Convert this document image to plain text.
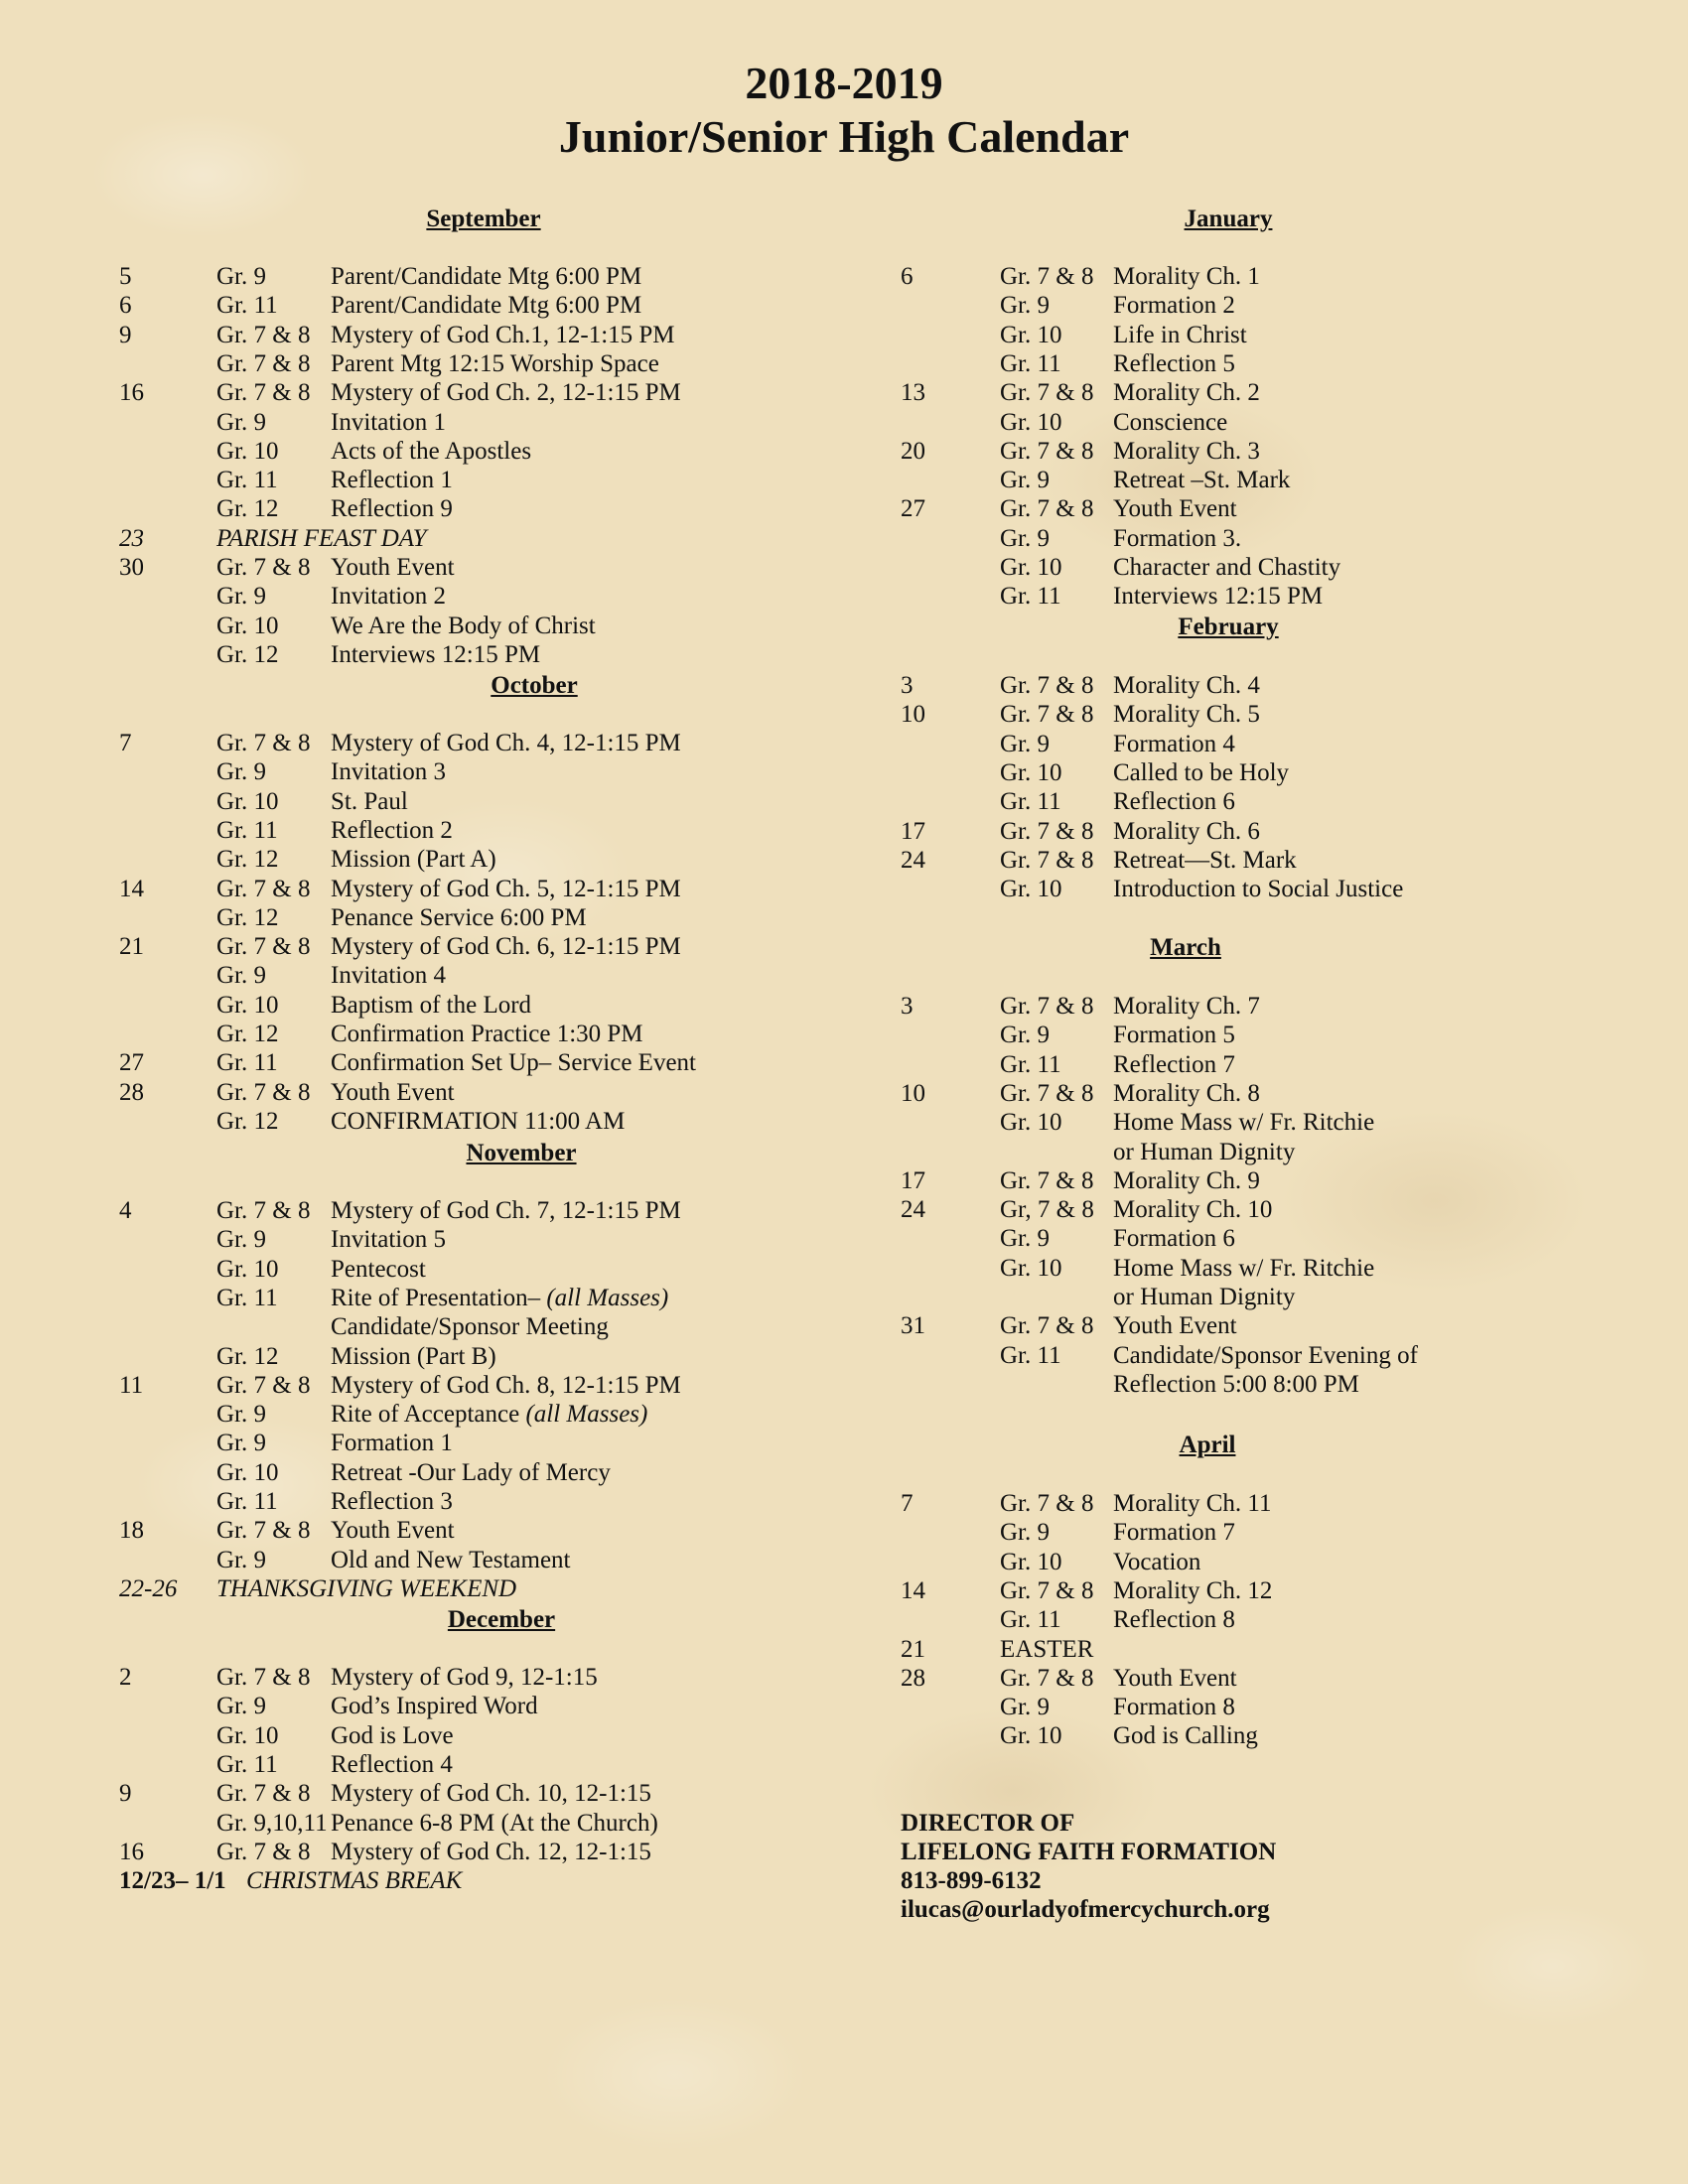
2018-2019
Junior/Senior High Calendar
September
5	Gr. 9	Parent/Candidate Mtg 6:00 PM
6	Gr. 11 Parent/Candidate Mtg 6:00 PM
9	Gr. 7 & 8 Mystery of God Ch.1, 12-1:15 PM
Gr. 7 & 8 Parent Mtg 12:15 Worship Space
16	Gr. 7 & 8 Mystery of God Ch. 2, 12-1:15 PM
Gr. 9	Invitation 1
Gr. 10 Acts of the Apostles
Gr. 11 Reflection 1
Gr. 12 Reflection 9
23	PARISH FEAST DAY
30	Gr. 7 & 8 Youth Event
Gr. 9	Invitation 2
Gr. 10 We Are the Body of Christ
Gr. 12 Interviews 12:15 PM
October
7	Gr. 7 & 8 Mystery of God Ch. 4, 12-1:15 PM
Gr. 9	Invitation 3
Gr. 10 St. Paul
Gr. 11 Reflection 2
Gr. 12 Mission (Part A)
14	Gr. 7 & 8 Mystery of God Ch. 5, 12-1:15 PM
Gr. 12 Penance Service 6:00 PM
21	Gr. 7 & 8 Mystery of God Ch. 6, 12-1:15 PM
Gr. 9	Invitation 4
Gr. 10 Baptism of the Lord
Gr. 12 Confirmation Practice 1:30 PM
27	Gr. 11 Confirmation Set Up– Service Event
28	Gr. 7 & 8 Youth Event
Gr. 12 CONFIRMATION 11:00 AM
November
4	Gr. 7 & 8 Mystery of God Ch. 7, 12-1:15 PM
Gr. 9	Invitation 5
Gr. 10 Pentecost
Gr. 11 Rite of Presentation– (all Masses)
Candidate/Sponsor Meeting
Gr. 12 Mission (Part B)
11	Gr. 7 & 8 Mystery of God Ch. 8, 12-1:15 PM
Gr. 9	Rite of Acceptance (all Masses)
Gr. 9	Formation 1
Gr. 10 Retreat -Our Lady of Mercy
Gr. 11 Reflection 3
18	Gr. 7 & 8 Youth Event
Gr. 9	Old and New Testament
22-26 THANKSGIVING WEEKEND
December
2	Gr. 7 & 8 Mystery of God 9, 12-1:15
Gr. 9	God’s Inspired Word
Gr. 10 God is Love
Gr. 11 Reflection 4
9	Gr. 7 & 8 Mystery of God Ch. 10, 12-1:15
Gr. 9,10,11 Penance 6-8 PM (At the Church)
16	Gr. 7 & 8 Mystery of God Ch. 12, 12-1:15
12/23– 1/1 CHRISTMAS BREAK
January
6	Gr. 7 & 8 Morality Ch. 1
Gr. 9	Formation 2
Gr. 10 Life in Christ
Gr. 11 Reflection 5
13	Gr. 7 & 8 Morality Ch. 2
Gr. 10 Conscience
20	Gr. 7 & 8 Morality Ch. 3
Gr. 9	Retreat –St. Mark
27	Gr. 7 & 8 Youth Event
Gr. 9	Formation 3.
Gr. 10 Character and Chastity
Gr. 11 Interviews 12:15 PM
February
3	Gr. 7 & 8 Morality Ch. 4
10	Gr. 7 & 8 Morality Ch. 5
Gr. 9	Formation 4
Gr. 10 Called to be Holy
Gr. 11 Reflection 6
17	Gr. 7 & 8 Morality Ch. 6
24	Gr. 7 & 8 Retreat—St. Mark
Gr. 10 Introduction to Social Justice
March
3	Gr. 7 & 8 Morality Ch. 7
Gr. 9	Formation 5
Gr. 11 Reflection 7
10	Gr. 7 & 8 Morality Ch. 8
Gr. 10 Home Mass w/ Fr. Ritchie
or Human Dignity
17	Gr. 7 & 8 Morality Ch. 9
24	Gr, 7 & 8 Morality Ch. 10
Gr. 9	Formation 6
Gr. 10 Home Mass w/ Fr. Ritchie
or Human Dignity
31	Gr. 7 & 8 Youth Event
Gr. 11 Candidate/Sponsor Evening of
Reflection 5:00 8:00 PM
April
7	Gr. 7 & 8 Morality Ch. 11
Gr. 9	Formation 7
Gr. 10 Vocation
14	Gr. 7 & 8 Morality Ch. 12
Gr. 11 Reflection 8
21	EASTER
28	Gr. 7 & 8 Youth Event
Gr. 9	Formation 8
Gr. 10 God is Calling
DIRECTOR OF
LIFELONG FAITH FORMATION
813-899-6132
ilucas@ourladyofmercychurch.org
